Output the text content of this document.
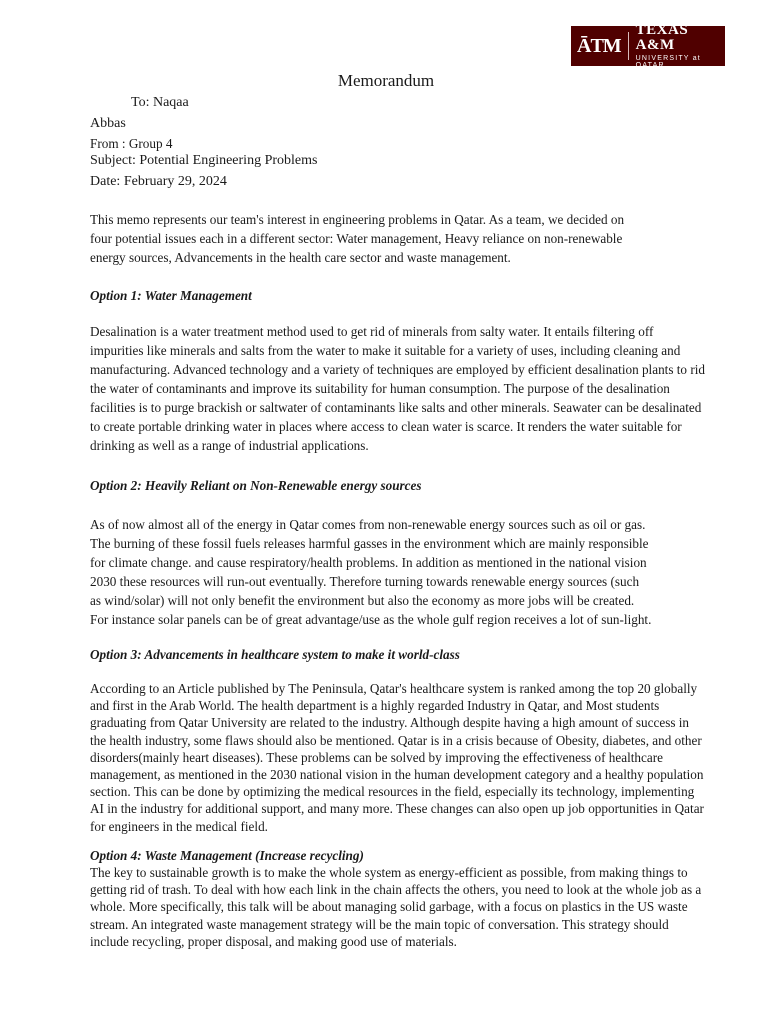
ĀTM
TEXAS A&M
UNIVERSITY at QATAR
Memorandum
To: Naqaa
Abbas
From : Group 4
Subject: Potential Engineering Problems
Date: February 29, 2024
This memo represents our team's interest in engineering problems in Qatar. As a team, we decided on
four potential issues each in a different sector: Water management, Heavy reliance on non-renewable
energy sources, Advancements in the health care sector and waste management.
Option 1: Water Management
Desalination is a water treatment method used to get rid of minerals from salty water. It entails filtering off
impurities like minerals and salts from the water to make it suitable for a variety of uses, including cleaning and
manufacturing. Advanced technology and a variety of techniques are employed by efficient desalination plants to rid
the water of contaminants and improve its suitability for human consumption. The purpose of the desalination
facilities is to purge brackish or saltwater of contaminants like salts and other minerals. Seawater can be desalinated
to create portable drinking water in places where access to clean water is scarce. It renders the water suitable for
drinking as well as a range of industrial applications.
Option 2: Heavily Reliant on Non-Renewable energy sources
As of now almost all of the energy in Qatar comes from non-renewable energy sources such as oil or gas.
The burning of these fossil fuels releases harmful gasses in the environment which are mainly responsible
for climate change. and cause respiratory/health problems. In addition as mentioned in the national vision
2030 these resources will run-out eventually. Therefore turning towards renewable energy sources (such
as wind/solar) will not only benefit the environment but also the economy as more jobs will be created.
For instance solar panels can be of great advantage/use as the whole gulf region receives a lot of sun-light.
Option 3: Advancements in healthcare system to make it world-class
According to an Article published by The Peninsula, Qatar's healthcare system is ranked among the top 20 globally
and first in the Arab World. The health department is a highly regarded Industry in Qatar, and Most students
graduating from Qatar University are related to the industry. Although despite having a high amount of success in
the health industry, some flaws should also be mentioned. Qatar is in a crisis because of Obesity, diabetes, and other
disorders(mainly heart diseases). These problems can be solved by improving the effectiveness of healthcare
management, as mentioned in the 2030 national vision in the human development category and a healthy population
section. This can be done by optimizing the medical resources in the field, especially its technology, implementing
AI in the industry for additional support, and many more. These changes can also open up job opportunities in Qatar
for engineers in the medical field.
Option 4: Waste Management (Increase recycling)
The key to sustainable growth is to make the whole system as energy-efficient as possible, from making things to
getting rid of trash. To deal with how each link in the chain affects the others, you need to look at the whole job as a
whole. More specifically, this talk will be about managing solid garbage, with a focus on plastics in the US waste
stream. An integrated waste management strategy will be the main topic of conversation. This strategy should
include recycling, proper disposal, and making good use of materials.
